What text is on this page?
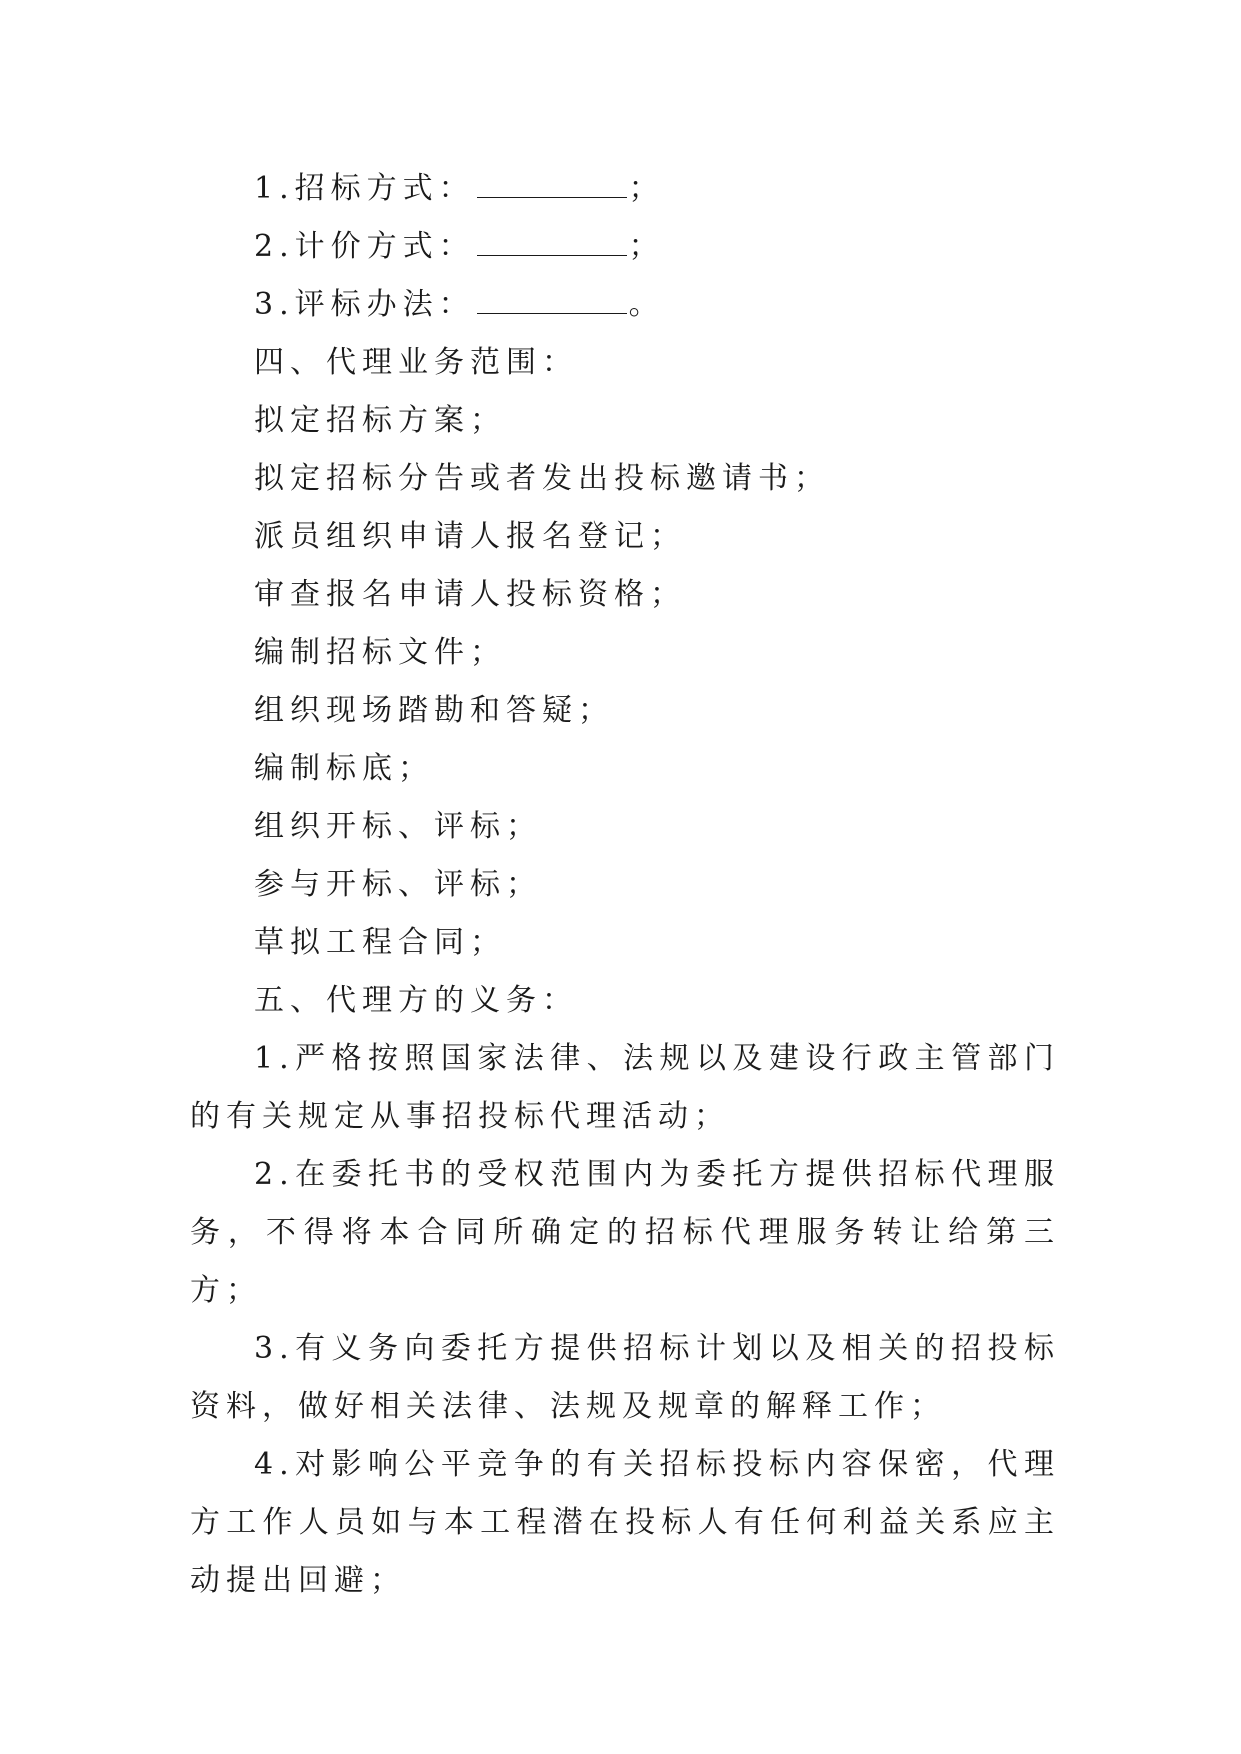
1.招标方式：	；
2.计价方式：	；
3.评标办法：	。
四、代理业务范围：
拟定招标方案；
拟定招标分告或者发出投标邀请书；
派员组织申请人报名登记；
审查报名申请人投标资格；
编制招标文件；
组织现场踏勘和答疑；
编制标底；
组织开标、评标；
参与开标、评标；
草拟工程合同；
五、代理方的义务：

1.严格按照国家法律、法规以及建设行政主管部门的有关规定从事招投标代理活动；

2.在委托书的受权范围内为委托方提供招标代理服务，不得将本合同所确定的招标代理服务转让给第三方；

3.有义务向委托方提供招标计划以及相关的招投标资料，做好相关法律、法规及规章的解释工作；

4.对影响公平竞争的有关招标投标内容保密，代理方工作人员如与本工程潜在投标人有任何利益关系应主动提出回避；
